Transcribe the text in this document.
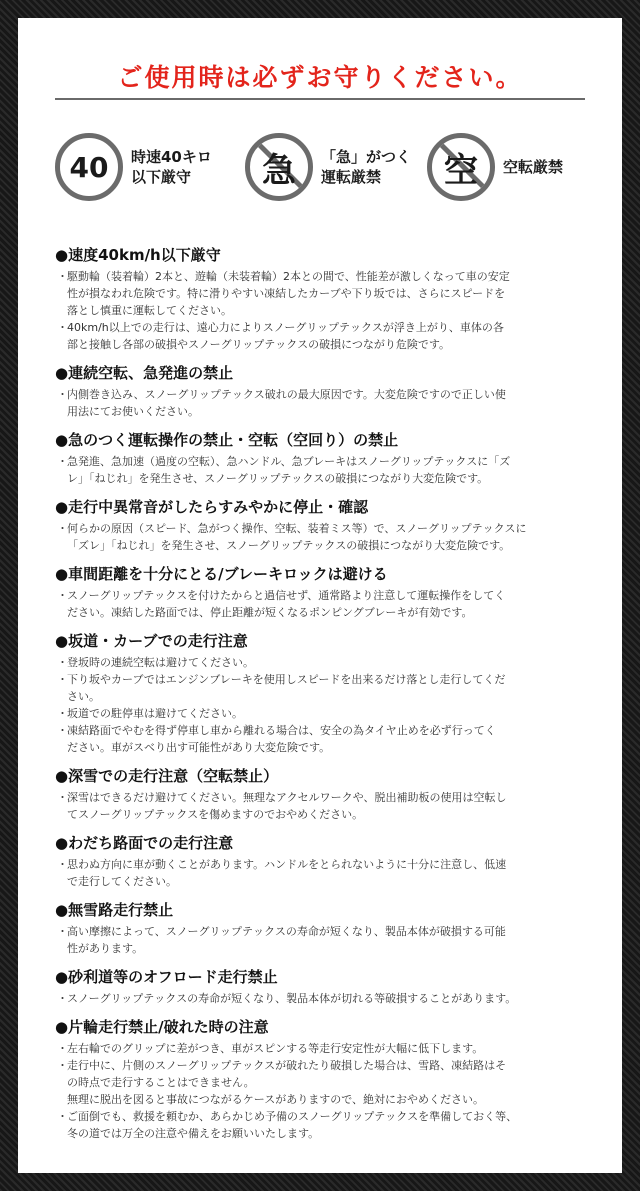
ご使用時は必ずお守りください。
40 時速40キロ
以下厳守	急 「急」がつく
運転厳禁	空 空転厳禁
●速度40km/h以下厳守
・ 駆動輪（装着輪）2本と、遊輪（未装着輪）2本との間で、性能差が激しくなって車の安定
性が損なわれ危険です。特に滑りやすい凍結したカーブや下り坂では、さらにスピードを
落とし慎重に運転してください。
・ 40km/h以上での走行は、遠心力によりスノーグリップテックスが浮き上がり、車体の各
部と接触し各部の破損やスノーグリップテックスの破損につながり危険です。
●連続空転、急発進の禁止
・ 内側巻き込み、スノーグリップテックス破れの最大原因です。大変危険ですので正しい使
用法にてお使いください。
●急のつく運転操作の禁止・空転（空回り）の禁止
・ 急発進、急加速（過度の空転）、急ハンドル、急ブレーキはスノーグリップテックスに「ズ
レ」「ねじれ」を発生させ、スノーグリップテックスの破損につながり大変危険です。
●走行中異常音がしたらすみやかに停止・確認
・ 何らかの原因（スピード、急がつく操作、空転、装着ミス等）で、スノーグリップテックスに
「ズレ」「ねじれ」を発生させ、スノーグリップテックスの破損につながり大変危険です。
●車間距離を十分にとる/ブレーキロックは避ける
・ スノーグリップテックスを付けたからと過信せず、通常路より注意して運転操作をしてく
ださい。凍結した路面では、停止距離が短くなるポンピングブレーキが有効です。
●坂道・カーブでの走行注意
・ 登坂時の連続空転は避けてください。
・ 下り坂やカーブではエンジンブレーキを使用しスピードを出来るだけ落とし走行してくだ
さい。
・ 坂道での駐停車は避けてください。
・ 凍結路面でやむを得ず停車し車から離れる場合は、安全の為タイヤ止めを必ず行ってく
ださい。車がスベり出す可能性があり大変危険です。
●深雪での走行注意（空転禁止）
・ 深雪はできるだけ避けてください。無理なアクセルワークや、脱出補助板の使用は空転し
てスノーグリップテックスを傷めますのでおやめください。
●わだち路面での走行注意
・ 思わぬ方向に車が動くことがあります。ハンドルをとられないように十分に注意し、低速
で走行してください。
●無雪路走行禁止
・ 高い摩擦によって、スノーグリップテックスの寿命が短くなり、製品本体が破損する可能
性があります。
●砂利道等のオフロード走行禁止
・ スノーグリップテックスの寿命が短くなり、製品本体が切れる等破損することがあります。
●片輪走行禁止/破れた時の注意
・ 左右輪でのグリップに差がつき、車がスピンする等走行安定性が大幅に低下します。
・ 走行中に、片側のスノーグリップテックスが破れたり破損した場合は、雪路、凍結路はそ
の時点で走行することはできません。
無理に脱出を図ると事故につながるケースがありますので、絶対におやめください。
・ ご面倒でも、救援を頼むか、あらかじめ予備のスノーグリップテックスを準備しておく等、
冬の道では万全の注意や備えをお願いいたします。
